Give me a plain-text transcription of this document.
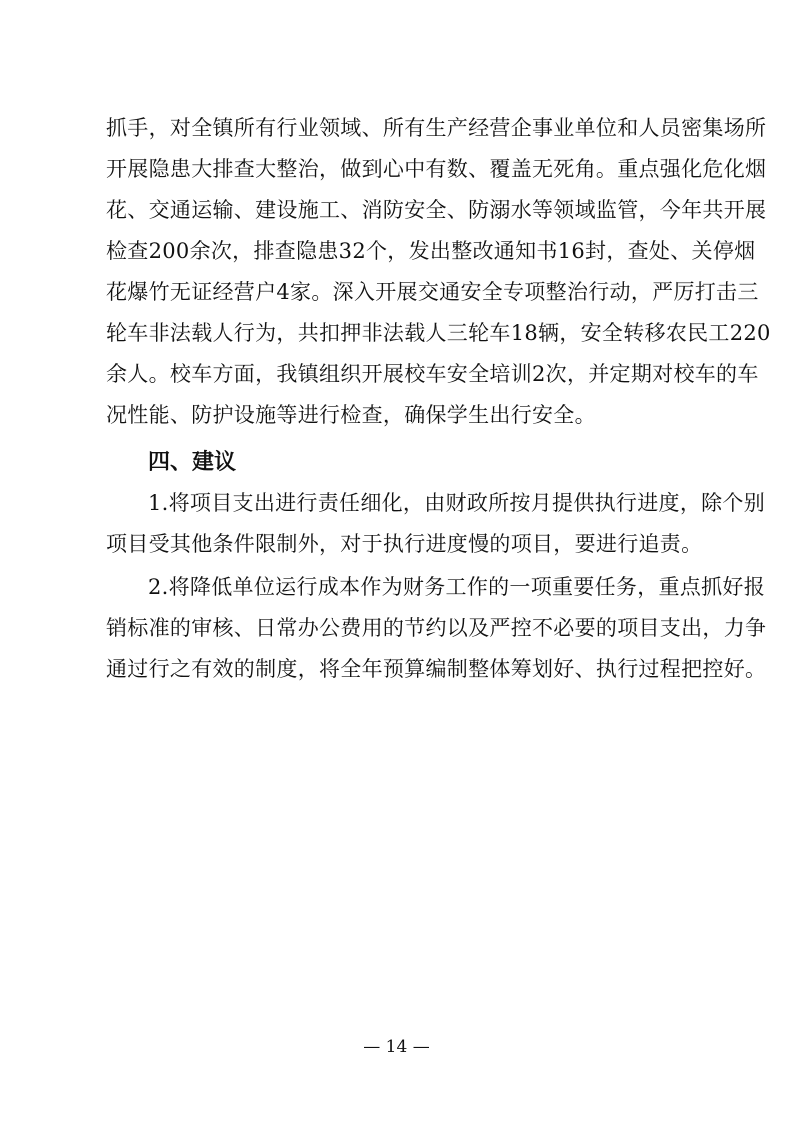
抓手，对全镇所有行业领域、所有生产经营企事业单位和人员密集场所
开展隐患大排查大整治，做到心中有数、覆盖无死角。重点强化危化烟
花、交通运输、建设施工、消防安全、防溺水等领域监管，今年共开展
检查200余次，排查隐患32个，发出整改通知书16封，查处、关停烟
花爆竹无证经营户4家。深入开展交通安全专项整治行动，严厉打击三
轮车非法载人行为，共扣押非法载人三轮车18辆，安全转移农民工220
余人。校车方面，我镇组织开展校车安全培训2次，并定期对校车的车
况性能、防护设施等进行检查，确保学生出行安全。
四、建议
1.将项目支出进行责任细化，由财政所按月提供执行进度，除个别
项目受其他条件限制外，对于执行进度慢的项目，要进行追责。
2.将降低单位运行成本作为财务工作的一项重要任务，重点抓好报
销标准的审核、日常办公费用的节约以及严控不必要的项目支出，力争
通过行之有效的制度，将全年预算编制整体筹划好、执行过程把控好。
— 14 —
